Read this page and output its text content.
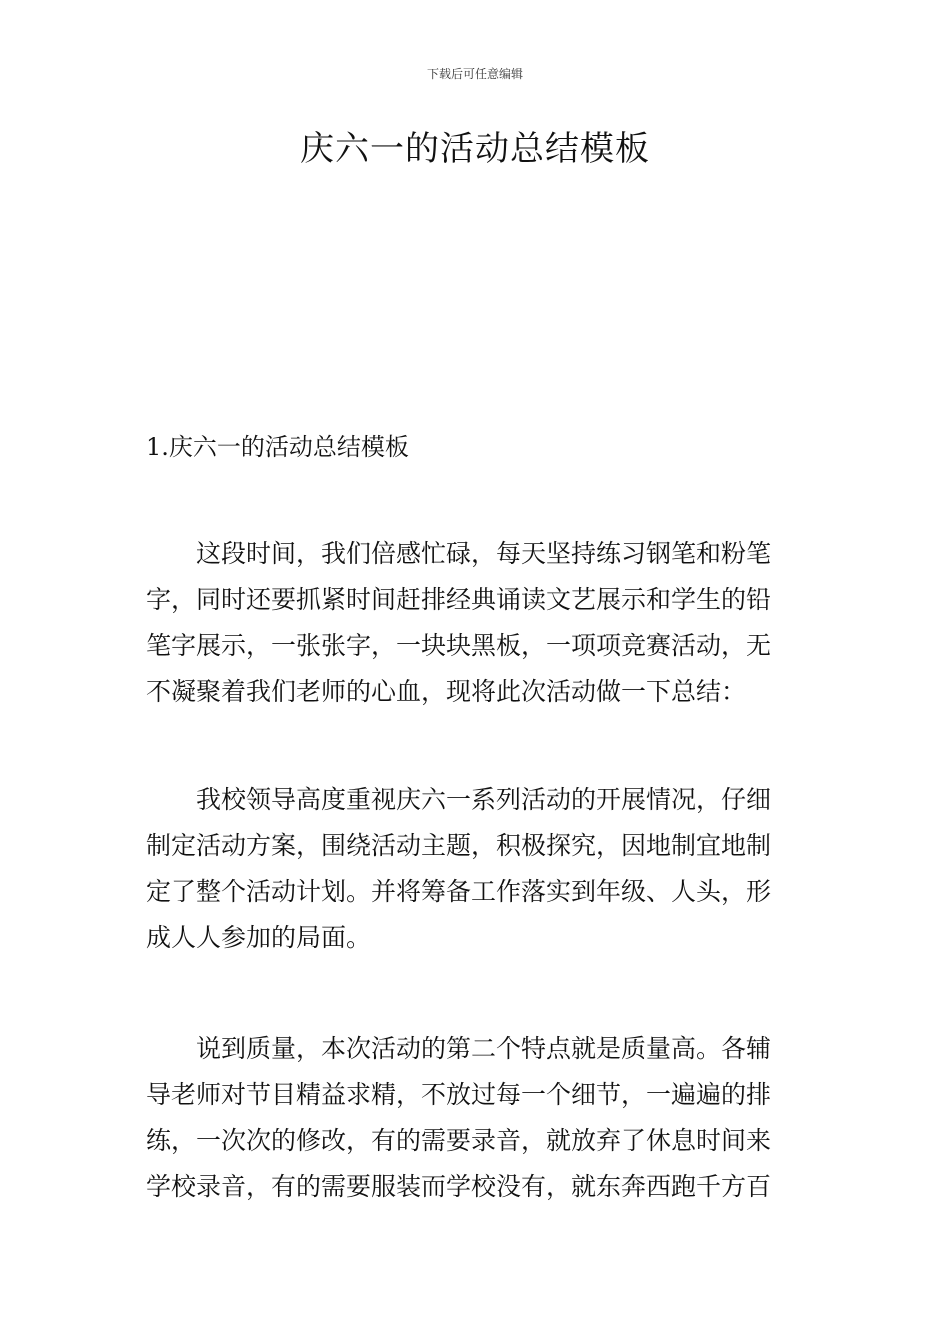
下载后可任意编辑
庆六一的活动总结模板
1.庆六一的活动总结模板

这段时间，我们倍感忙碌，每天坚持练习钢笔和粉笔
字，同时还要抓紧时间赶排经典诵读文艺展示和学生的铅
笔字展示，一张张字，一块块黑板，一项项竞赛活动，无
不凝聚着我们老师的心血，现将此次活动做一下总结：

我校领导高度重视庆六一系列活动的开展情况，仔细
制定活动方案，围绕活动主题，积极探究，因地制宜地制
定了整个活动计划。并将筹备工作落实到年级、人头，形
成人人参加的局面。

说到质量，本次活动的第二个特点就是质量高。各辅
导老师对节目精益求精，不放过每一个细节，一遍遍的排
练，一次次的修改，有的需要录音，就放弃了休息时间来
学校录音，有的需要服装而学校没有，就东奔西跑千方百
